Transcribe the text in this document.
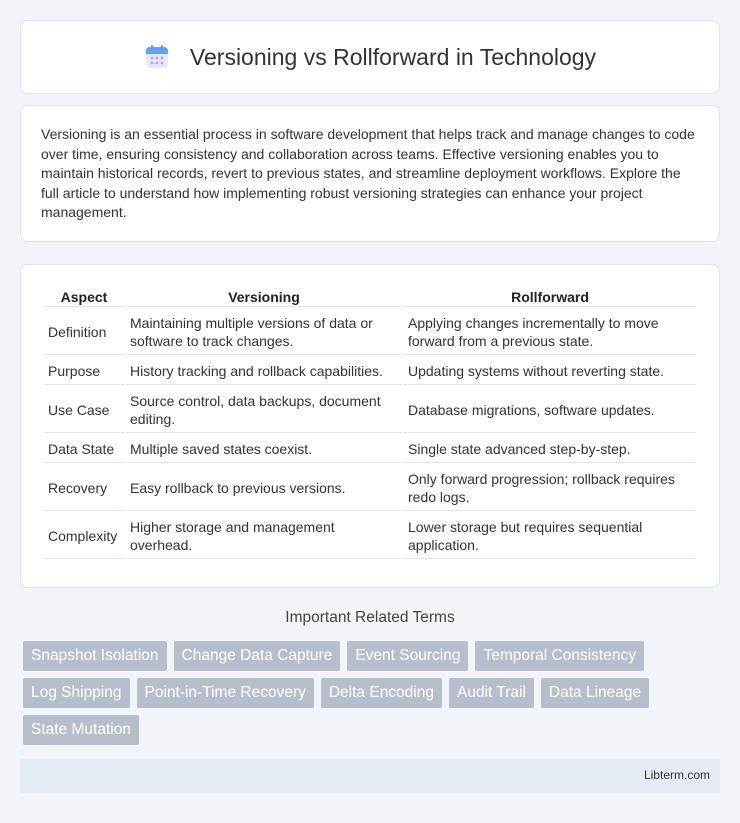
Versioning vs Rollforward in Technology

Versioning is an essential process in software development that helps track and manage changes to code over time, ensuring consistency and collaboration across teams. Effective versioning enables you to maintain historical records, revert to previous states, and streamline deployment workflows. Explore the full article to understand how implementing robust versioning strategies can enhance your project management.

Aspect	Versioning	Rollforward
Definition	Maintaining multiple versions of data or software to track changes.	Applying changes incrementally to move forward from a previous state.
Purpose	History tracking and rollback capabilities.	Updating systems without reverting state.
Use Case	Source control, data backups, document editing.	Database migrations, software updates.
Data State	Multiple saved states coexist.	Single state advanced step-by-step.
Recovery	Easy rollback to previous versions.	Only forward progression; rollback requires redo logs.
Complexity	Higher storage and management overhead.	Lower storage but requires sequential application.
Important Related Terms
Snapshot Isolation	Change Data Capture	Event Sourcing	Temporal Consistency
Log Shipping	Point-in-Time Recovery	Delta Encoding	Audit Trail	Data Lineage
State Mutation
Libterm.com
